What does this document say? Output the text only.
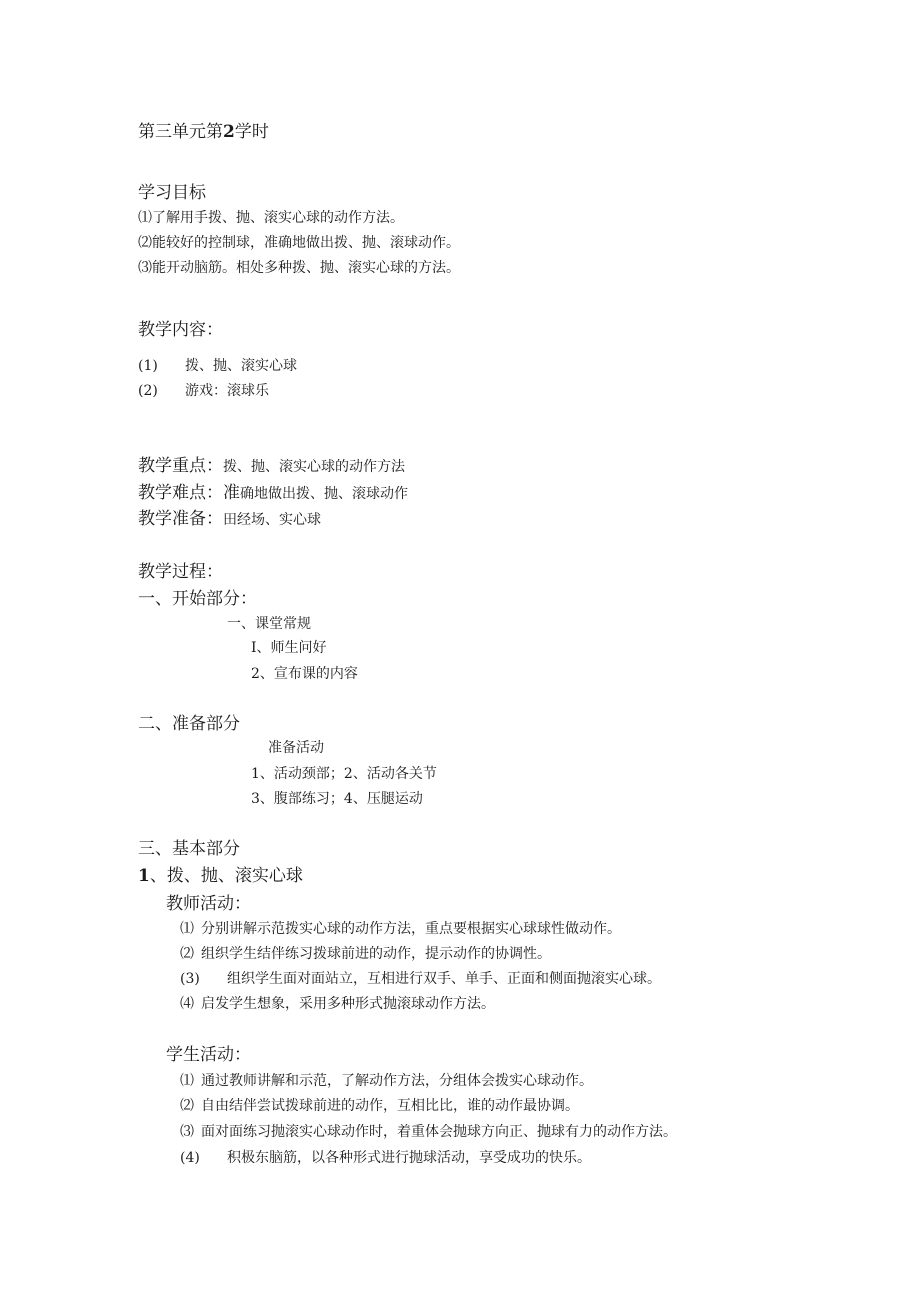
第三单元第2学时
学习目标
⑴了解用手拨、抛、滚实心球的动作方法。
⑵能较好的控制球，准确地做出拨、抛、滚球动作。
⑶能开动脑筋。相处多种拨、抛、滚实心球的方法。
教学内容：
(1) 拨、抛、滚实心球
(2) 游戏：滚球乐
教学重点：拨、抛、滚实心球的动作方法
教学难点：准确地做出拨、抛、滚球动作
教学准备：田经场、实心球
教学过程：
一、开始部分：
一、课堂常规
I、师生问好
2、宣布课的内容
二、准备部分
准备活动
1、活动颈部；2、活动各关节
3、腹部练习；4、压腿运动
三、基本部分
1、拨、抛、滚实心球
教师活动：
⑴ 分别讲解示范拨实心球的动作方法，重点要根据实心球球性做动作。
⑵ 组织学生结伴练习拨球前进的动作，提示动作的协调性。
(3) 组织学生面对面站立，互相进行双手、单手、正面和侧面抛滚实心球。
⑷ 启发学生想象，采用多种形式抛滚球动作方法。
学生活动：
⑴ 通过教师讲解和示范，了解动作方法，分组体会拨实心球动作。
⑵ 自由结伴尝试拨球前进的动作，互相比比，谁的动作最协调。
⑶ 面对面练习抛滚实心球动作时，着重体会抛球方向正、抛球有力的动作方法。
(4) 积极东脑筋，以各种形式进行抛球活动，享受成功的快乐。
